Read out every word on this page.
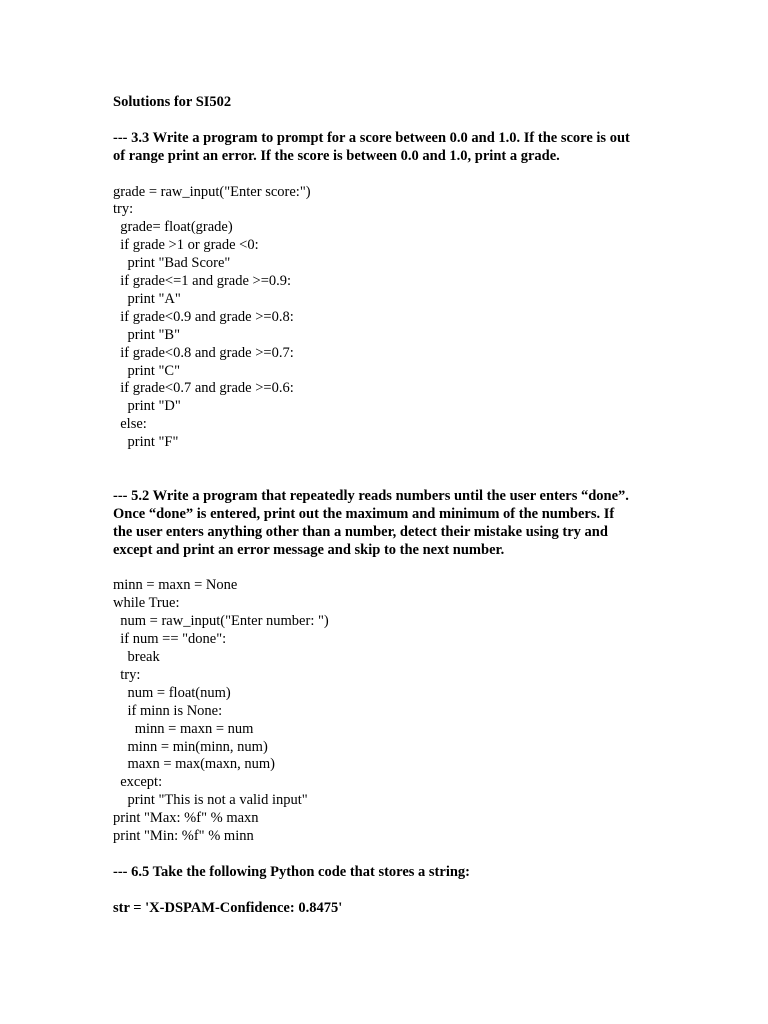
Solutions for SI502

--- 3.3 Write a program to prompt for a score between 0.0 and 1.0. If the score is out

of range print an error. If the score is between 0.0 and 1.0, print a grade.

grade = raw_input("Enter score:")

try:

grade= float(grade)

if grade >1 or grade <0:

print "Bad Score"

if grade<=1 and grade >=0.9:

print "A"

if grade<0.9 and grade >=0.8:

print "B"

if grade<0.8 and grade >=0.7:

print "C"

if grade<0.7 and grade >=0.6:

print "D"

else:

print "F"

--- 5.2 Write a program that repeatedly reads numbers until the user enters “done”.

Once “done” is entered, print out the maximum and minimum of the numbers. If

the user enters anything other than a number, detect their mistake using try and

except and print an error message and skip to the next number.

minn = maxn = None

while True:

num = raw_input("Enter number: ")

if num == "done":

break

try:

num = float(num)

if minn is None:

minn = maxn = num

minn = min(minn, num)

maxn = max(maxn, num)

except:

print "This is not a valid input"

print "Max: %f" % maxn

print "Min: %f" % minn

--- 6.5 Take the following Python code that stores a string:

str = 'X-DSPAM-Confidence: 0.8475'
